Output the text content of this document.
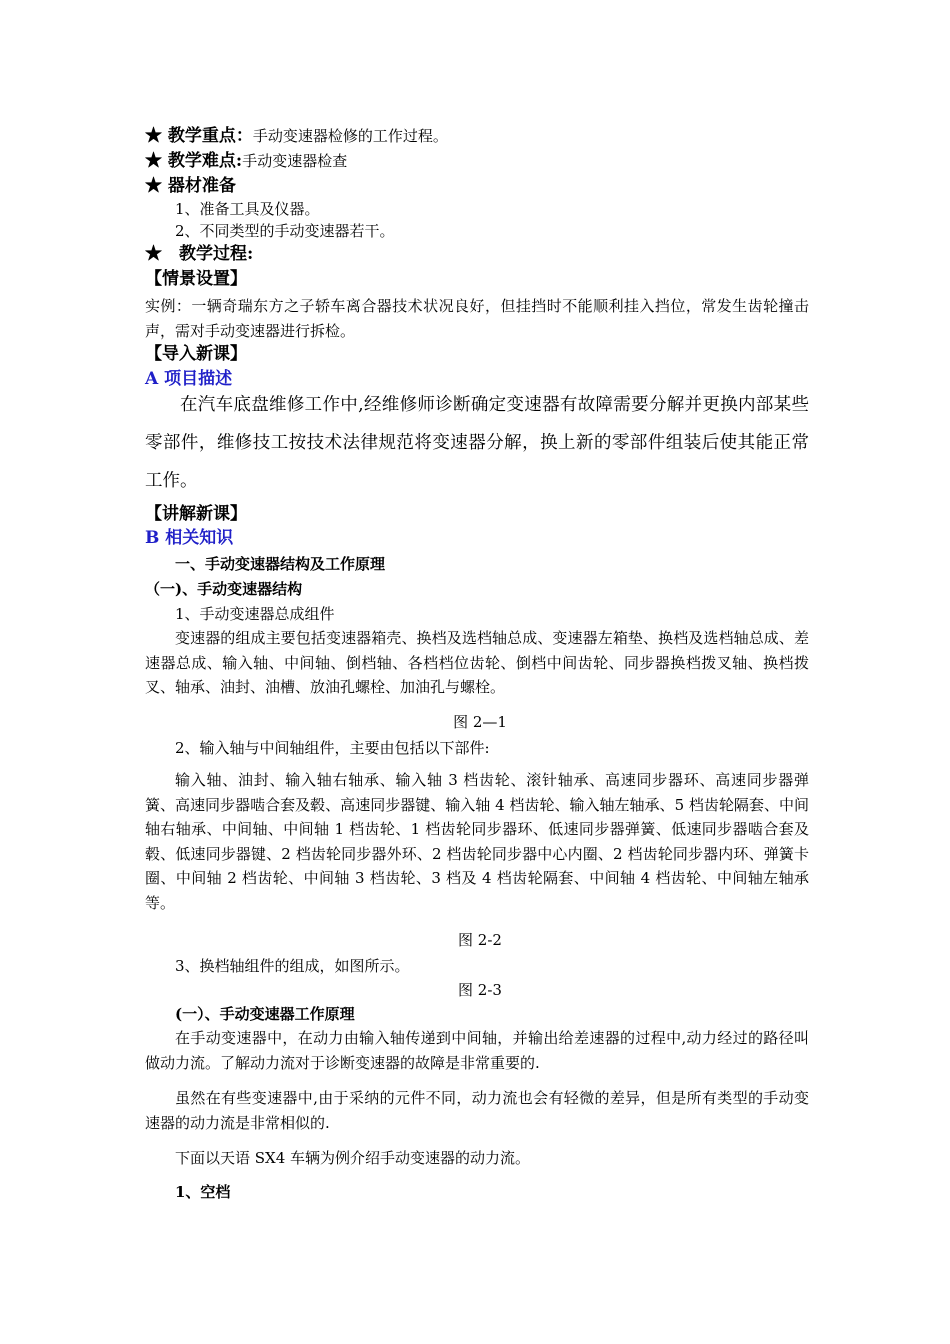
★ 教学重点：手动变速器检修的工作过程。
★ 教学难点:手动变速器检查
★ 器材准备
1、准备工具及仪器。
2、不同类型的手动变速器若干。
★　教学过程:
【情景设置】
实例：一辆奇瑞东方之子轿车离合器技术状况良好，但挂挡时不能顺利挂入挡位，常发生齿轮撞击声，需对手动变速器进行拆检。
【导入新课】
A 项目描述
在汽车底盘维修工作中,经维修师诊断确定变速器有故障需要分解并更换内部某些零部件，维修技工按技术法律规范将变速器分解，换上新的零部件组装后使其能正常工作。
【讲解新课】
B 相关知识
一、手动变速器结构及工作原理
（一)、手动变速器结构
1、手动变速器总成组件
变速器的组成主要包括变速器箱壳、换档及选档轴总成、变速器左箱垫、换档及选档轴总成、差速器总成、输入轴、中间轴、倒档轴、各档档位齿轮、倒档中间齿轮、同步器换档拨叉轴、换档拨叉、轴承、油封、油槽、放油孔螺栓、加油孔与螺栓。
图 2—1
2、输入轴与中间轴组件，主要由包括以下部件:
输入轴、油封、输入轴右轴承、输入轴 3 档齿轮、滚针轴承、高速同步器环、高速同步器弹簧、高速同步器啮合套及毂、高速同步器键、输入轴 4 档齿轮、输入轴左轴承、5 档齿轮隔套、中间轴右轴承、中间轴、中间轴 1 档齿轮、1 档齿轮同步器环、低速同步器弹簧、低速同步器啮合套及毂、低速同步器键、2 档齿轮同步器外环、2 档齿轮同步器中心内圈、2 档齿轮同步器内环、弹簧卡圈、中间轴 2 档齿轮、中间轴 3 档齿轮、3 档及 4 档齿轮隔套、中间轴 4 档齿轮、中间轴左轴承等。
图 2-2
3、换档轴组件的组成，如图所示。
图 2-3
(一）、手动变速器工作原理
在手动变速器中，在动力由输入轴传递到中间轴，并输出给差速器的过程中,动力经过的路径叫做动力流。了解动力流对于诊断变速器的故障是非常重要的.
虽然在有些变速器中,由于采纳的元件不同，动力流也会有轻微的差异，但是所有类型的手动变速器的动力流是非常相似的.
下面以天语 SX4 车辆为例介绍手动变速器的动力流。
1、空档
